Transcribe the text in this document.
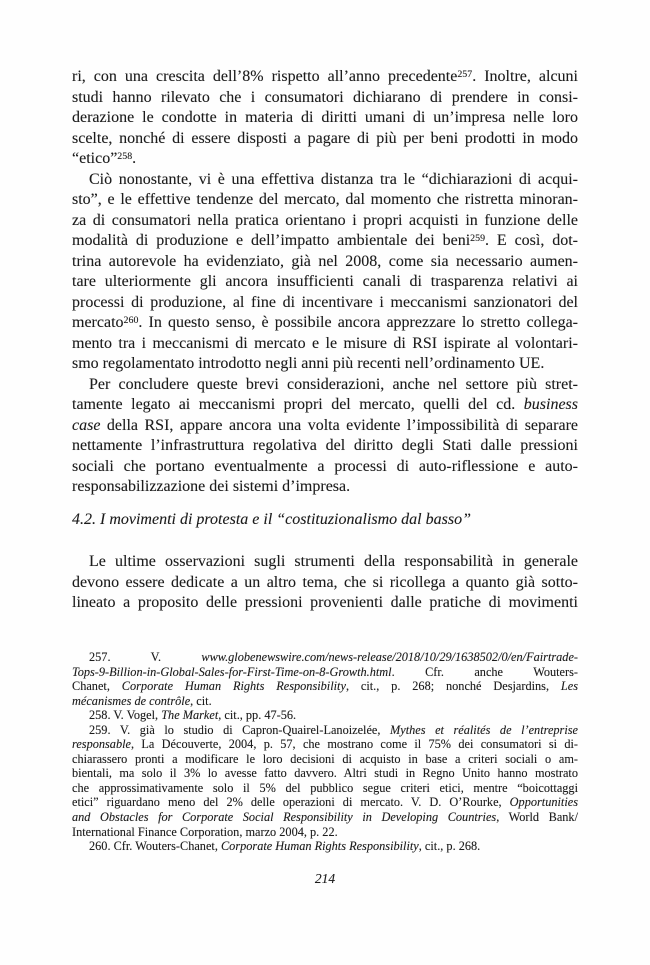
ri, con una crescita dell’8% rispetto all’anno precedente$^{257}$. Inoltre, alcuni
studi hanno rilevato che i consumatori dichiarano di prendere in consi-
derazione le condotte in materia di diritti umani di un’impresa nelle loro
scelte, nonché di essere disposti a pagare di più per beni prodotti in modo
“etico”$^{258}$.
Ciò nonostante, vi è una effettiva distanza tra le “dichiarazioni di acqui-
sto”, e le effettive tendenze del mercato, dal momento che ristretta minoran-
za di consumatori nella pratica orientano i propri acquisti in funzione delle
modalità di produzione e dell’impatto ambientale dei beni$^{259}$. E così, dot-
trina autorevole ha evidenziato, già nel 2008, come sia necessario aumen-
tare ulteriormente gli ancora insufficienti canali di trasparenza relativi ai
processi di produzione, al fine di incentivare i meccanismi sanzionatori del
mercato$^{260}$. In questo senso, è possibile ancora apprezzare lo stretto collega-
mento tra i meccanismi di mercato e le misure di RSI ispirate al volontari-
smo regolamentato introdotto negli anni più recenti nell’ordinamento UE.
Per concludere queste brevi considerazioni, anche nel settore più stret-
tamente legato ai meccanismi propri del mercato, quelli del cd. business
case della RSI, appare ancora una volta evidente l’impossibilità di separare
nettamente l’infrastruttura regolativa del diritto degli Stati dalle pressioni
sociali che portano eventualmente a processi di auto-riflessione e auto-
responsabilizzazione dei sistemi d’impresa.
4.2. I movimenti di protesta e il “costituzionalismo dal basso”
Le ultime osservazioni sugli strumenti della responsabilità in generale
devono essere dedicate a un altro tema, che si ricollega a quanto già sotto-
lineato a proposito delle pressioni provenienti dalle pratiche di movimenti
257. V. www.globenewswire.com/news-release/2018/10/29/1638502/0/en/Fairtrade-
Tops-9-Billion-in-Global-Sales-for-First-Time-on-8-Growth.html. Cfr. anche Wouters-
Chanet, Corporate Human Rights Responsibility, cit., p. 268; nonché Desjardins, Les
mécanismes de contrôle, cit.
258. V. Vogel, The Market, cit., pp. 47-56.
259. V. già lo studio di Capron-Quairel-Lanoizelée, Mythes et réalités de l’entreprise
responsable, La Découverte, 2004, p. 57, che mostrano come il 75% dei consumatori si di-
chiarassero pronti a modificare le loro decisioni di acquisto in base a criteri sociali o am-
bientali, ma solo il 3% lo avesse fatto davvero. Altri studi in Regno Unito hanno mostrato
che approssimativamente solo il 5% del pubblico segue criteri etici, mentre “boicottaggi
etici” riguardano meno del 2% delle operazioni di mercato. V. D. O’Rourke, Opportunities
and Obstacles for Corporate Social Responsibility in Developing Countries, World Bank/
International Finance Corporation, marzo 2004, p. 22.
260. Cfr. Wouters-Chanet, Corporate Human Rights Responsibility, cit., p. 268.
214
